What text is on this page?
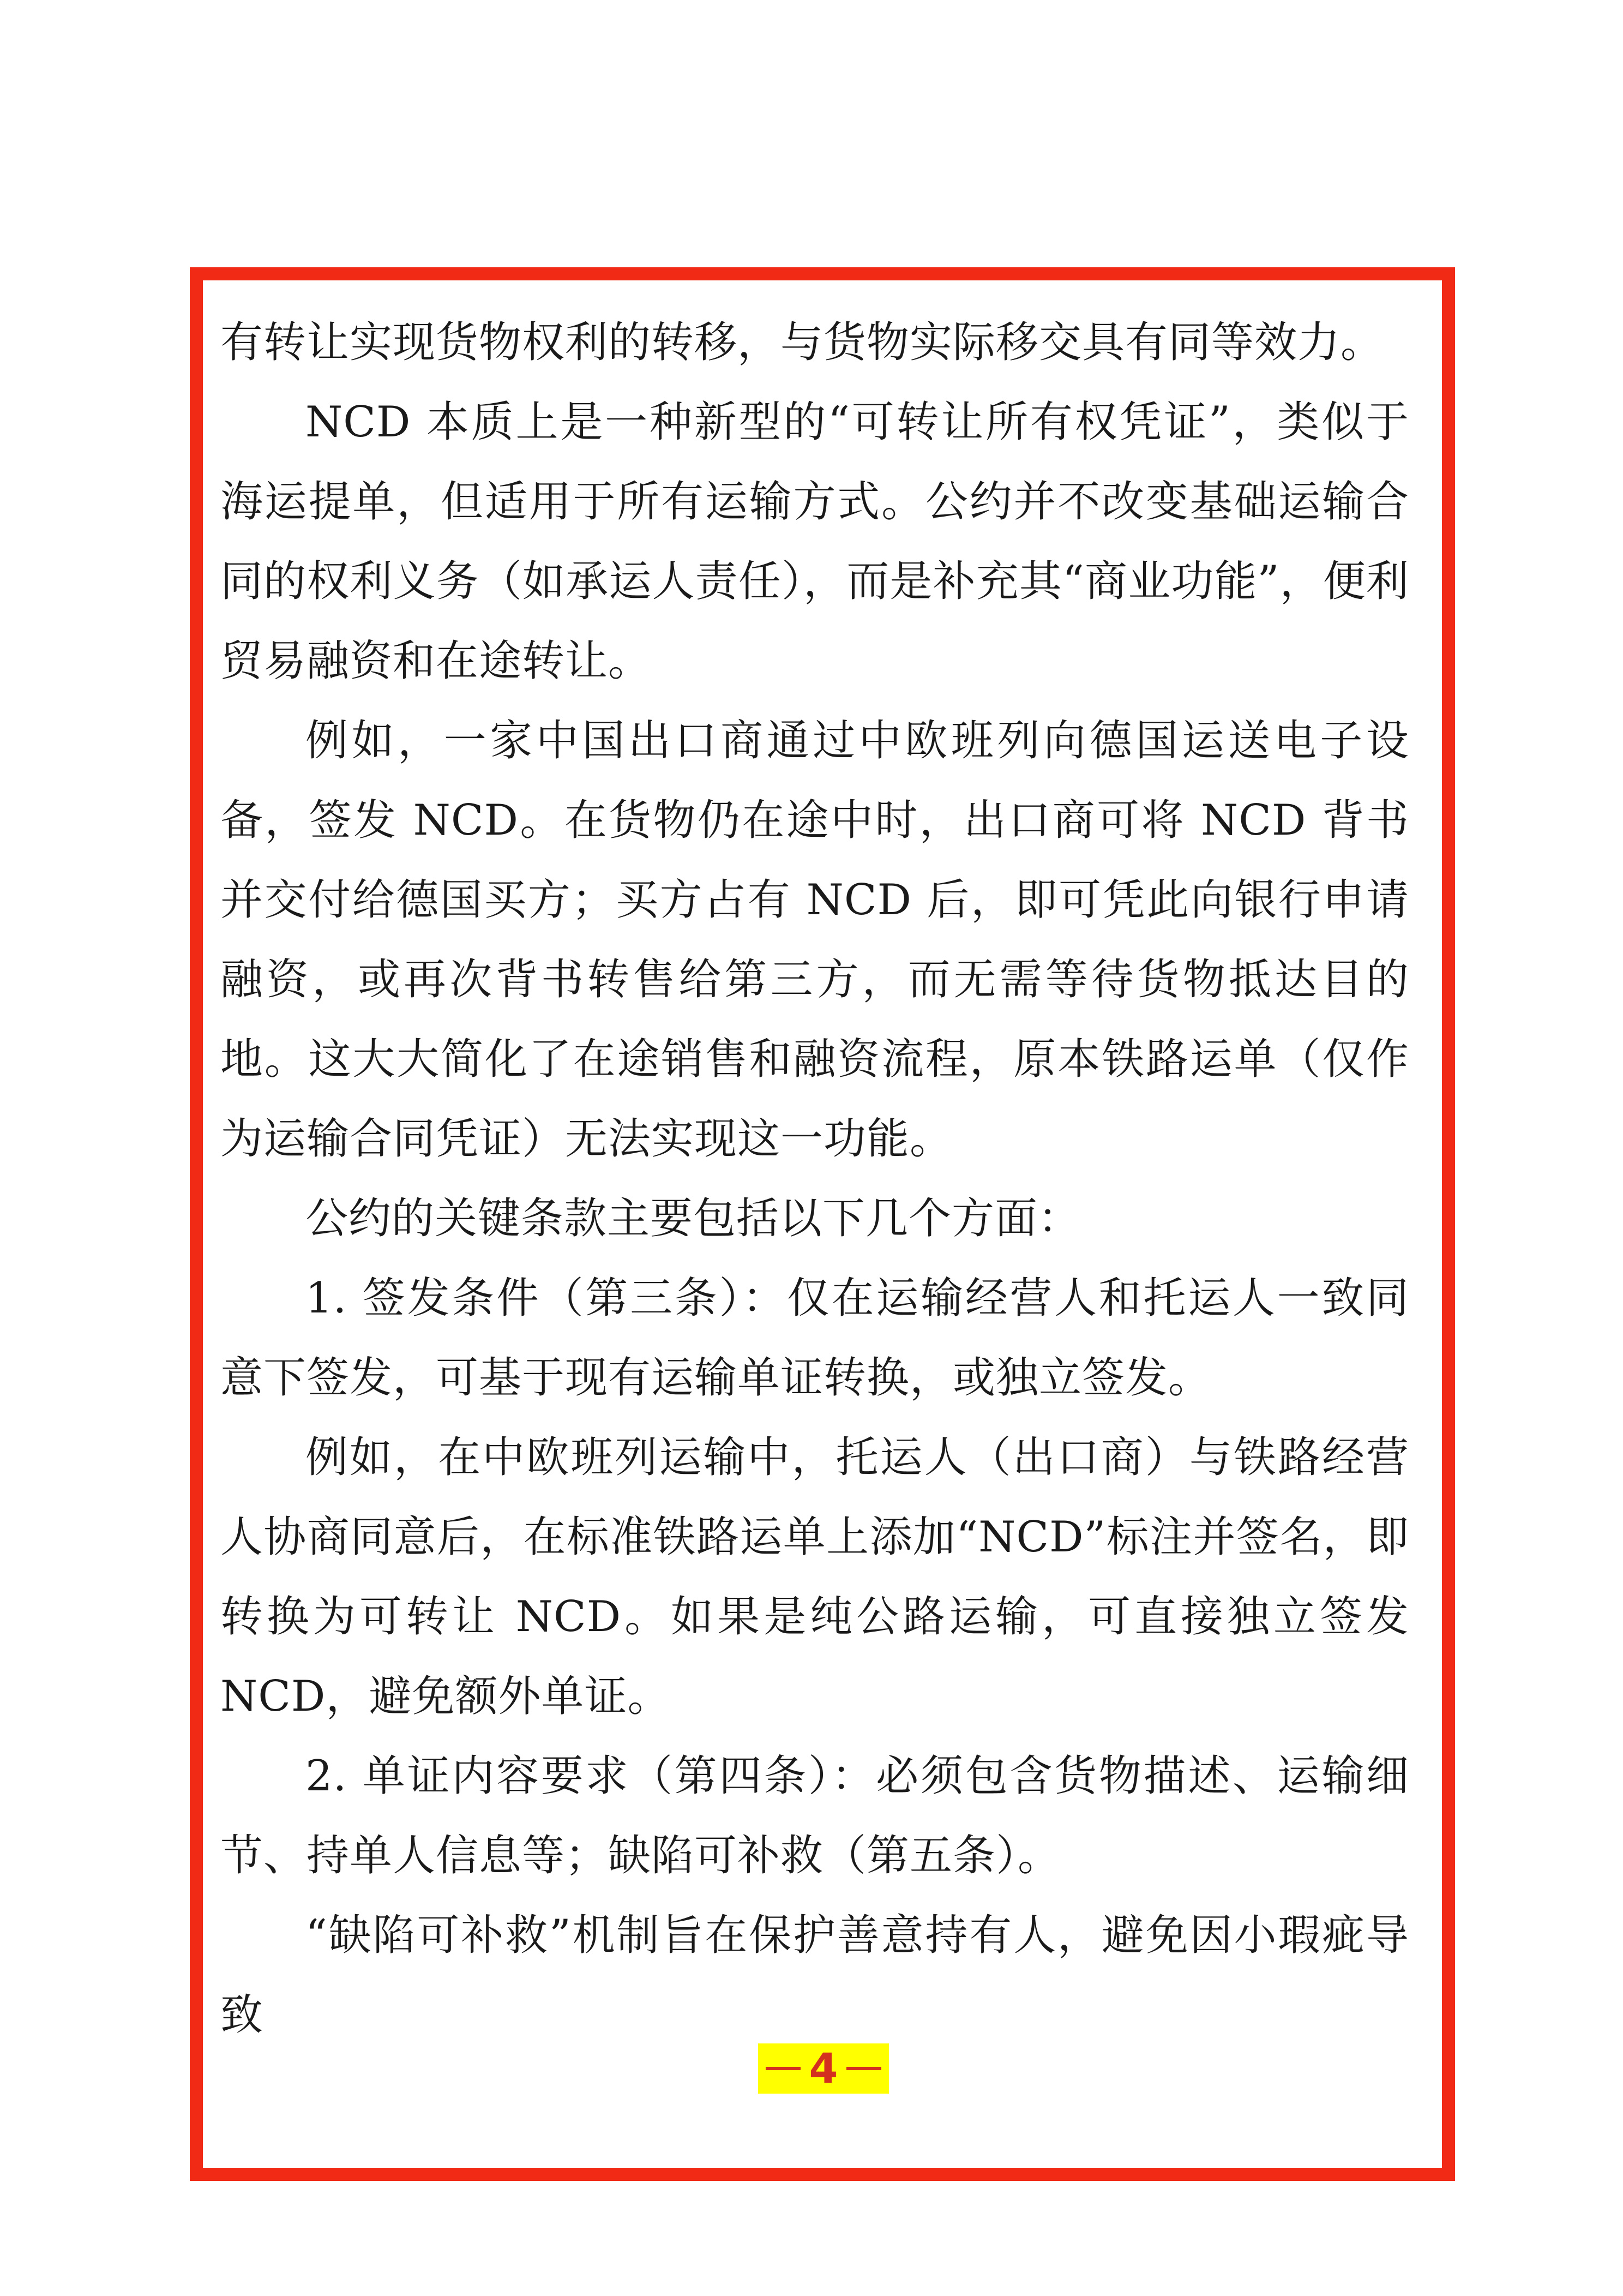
有转让实现货物权利的转移，与货物实际移交具有同等效力。

NCD 本质上是一种新型的“可转让所有权凭证”，类似于海运提单，但适用于所有运输方式。公约并不改变基础运输合同的权利义务（如承运人责任），而是补充其“商业功能”，便利贸易融资和在途转让。

例如，一家中国出口商通过中欧班列向德国运送电子设备，签发 NCD。在货物仍在途中时，出口商可将 NCD 背书并交付给德国买方；买方占有 NCD 后，即可凭此向银行申请融资，或再次背书转售给第三方，而无需等待货物抵达目的地。这大大简化了在途销售和融资流程，原本铁路运单（仅作为运输合同凭证）无法实现这一功能。

公约的关键条款主要包括以下几个方面：

1. 签发条件（第三条）：仅在运输经营人和托运人一致同意下签发，可基于现有运输单证转换，或独立签发。

例如，在中欧班列运输中，托运人（出口商）与铁路经营人协商同意后，在标准铁路运单上添加“NCD”标注并签名，即转换为可转让 NCD。如果是纯公路运输，可直接独立签发 NCD，避免额外单证。

2. 单证内容要求（第四条）：必须包含货物描述、运输细节、持单人信息等；缺陷可补救（第五条）。

“缺陷可补救”机制旨在保护善意持有人，避免因小瑕疵导致

4
